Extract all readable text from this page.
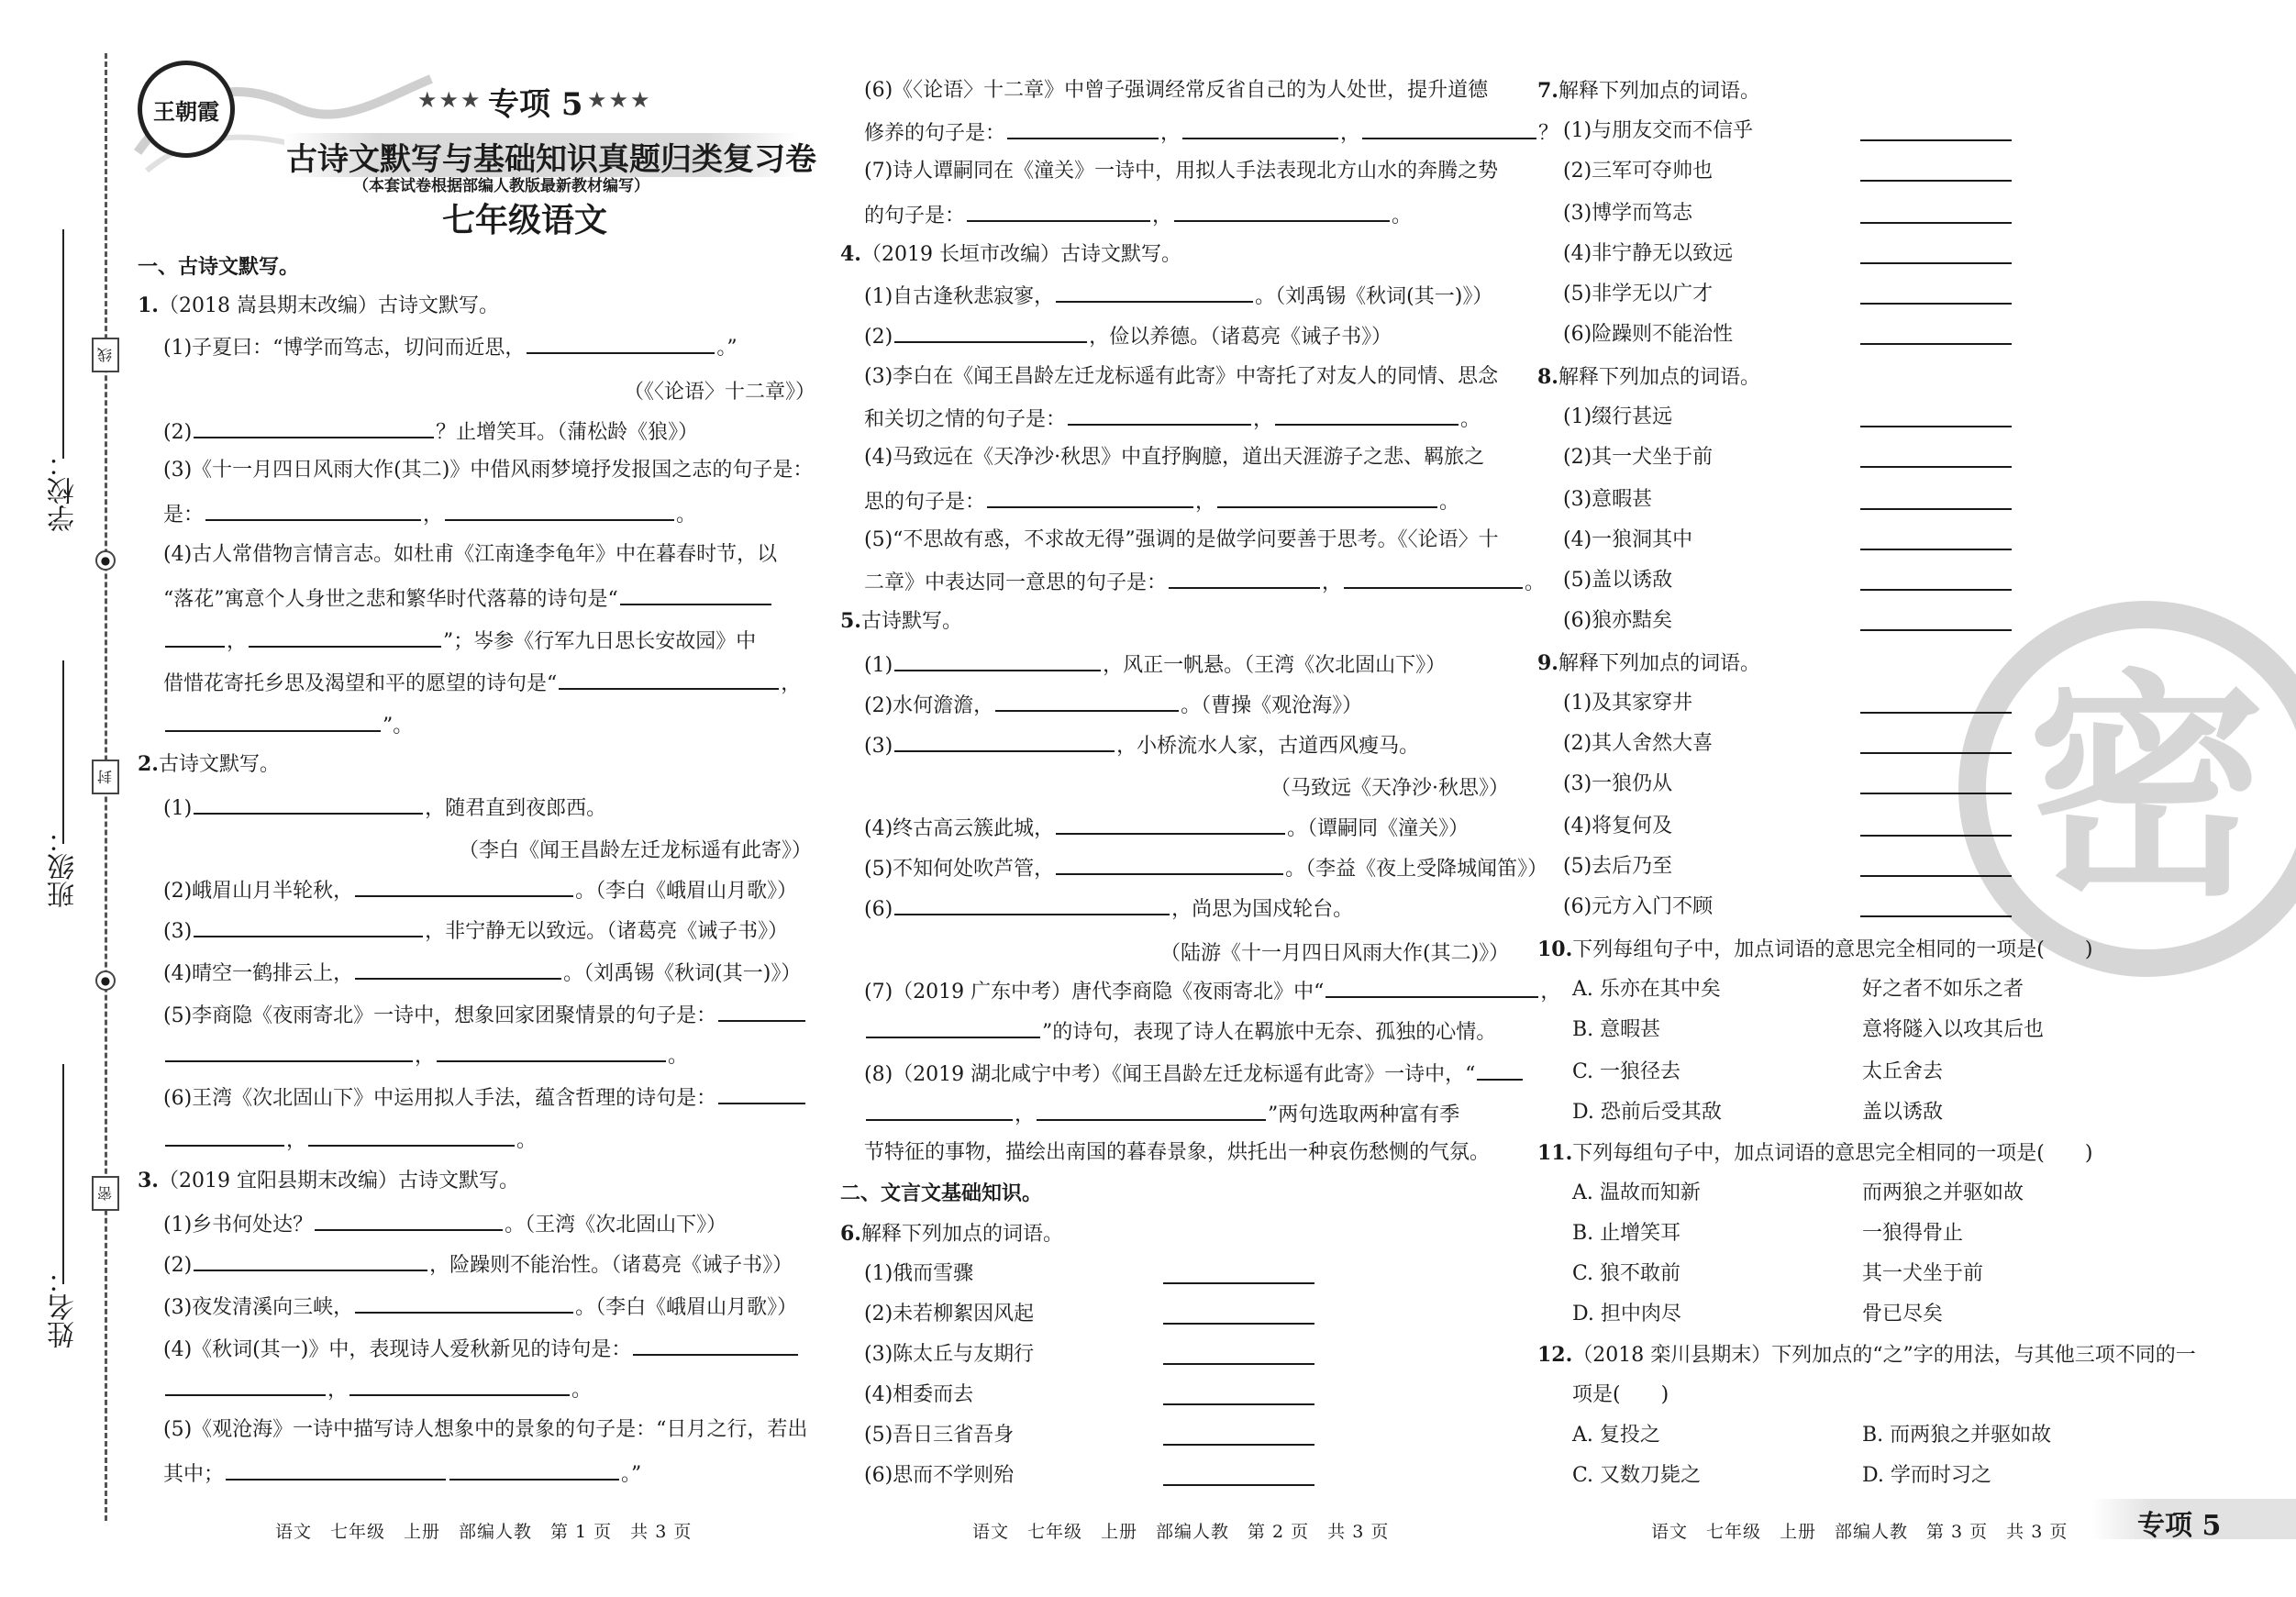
学校：
班级：
姓名：
线
封
密
●
●
王朝霞	★★★ 专项 5 ★★★
古诗文默写与基础知识真题归类复习卷
（本套试卷根据部编人教版最新教材编写）
七年级语文
一、古诗文默写。
1.（2018 嵩县期末改编）古诗文默写。
(1)子夏曰：“博学而笃志，切问而近思，	。”
（《〈论语〉十二章》）
(2)	？止增笑耳。（蒲松龄《狼》）
(3)《十一月四日风雨大作(其二)》中借风雨梦境抒发报国之志的句子是：
是：	，	。
(4)古人常借物言情言志。如杜甫《江南逢李龟年》中在暮春时节，以
“落花”寓意个人身世之悲和繁华时代落幕的诗句是“
，	”；岑参《行军九日思长安故园》中
借惜花寄托乡思及渴望和平的愿望的诗句是“	，
”。
2.古诗文默写。
(1)	，随君直到夜郎西。
（李白《闻王昌龄左迁龙标遥有此寄》）
(2)峨眉山月半轮秋，	。（李白《峨眉山月歌》）
(3)	，非宁静无以致远。（诸葛亮《诫子书》）
(4)晴空一鹤排云上，	。（刘禹锡《秋词(其一)》）
(5)李商隐《夜雨寄北》一诗中，想象回家团聚情景的句子是：
，	。
(6)王湾《次北固山下》中运用拟人手法，蕴含哲理的诗句是：
，	。
3.（2019 宜阳县期末改编）古诗文默写。
(1)乡书何处达？	。（王湾《次北固山下》）
(2)	，险躁则不能治性。（诸葛亮《诫子书》）
(3)夜发清溪向三峡，	。（李白《峨眉山月歌》）
(4)《秋词(其一)》中，表现诗人爱秋新见的诗句是：
，	。
(5)《观沧海》一诗中描写诗人想象中的景象的句子是：“日月之行，若出
其中；	。”
(6)《〈论语〉十二章》中曾子强调经常反省自己的为人处世，提升道德
修养的句子是：	，	，	？
(7)诗人谭嗣同在《潼关》一诗中，用拟人手法表现北方山水的奔腾之势
的句子是：	，	。
4.（2019 长垣市改编）古诗文默写。
(1)自古逢秋悲寂寥，	。（刘禹锡《秋词(其一)》）
(2)	，俭以养德。（诸葛亮《诫子书》）
(3)李白在《闻王昌龄左迁龙标遥有此寄》中寄托了对友人的同情、思念
和关切之情的句子是：	，	。
(4)马致远在《天净沙·秋思》中直抒胸臆，道出天涯游子之悲、羁旅之
思的句子是：	，	。
(5)“不思故有惑，不求故无得”强调的是做学问要善于思考。《〈论语〉十
二章》中表达同一意思的句子是：	，	。
5.古诗默写。
(1)	，风正一帆悬。（王湾《次北固山下》）
(2)水何澹澹，	。（曹操《观沧海》）
(3)	，小桥流水人家，古道西风瘦马。
（马致远《天净沙·秋思》）
(4)终古高云簇此城，	。（谭嗣同《潼关》）
(5)不知何处吹芦管，	。（李益《夜上受降城闻笛》）
(6)	，尚思为国戍轮台。
（陆游《十一月四日风雨大作(其二)》）
(7)（2019 广东中考）唐代李商隐《夜雨寄北》中“	，
”的诗句，表现了诗人在羁旅中无奈、孤独的心情。
(8)（2019 湖北咸宁中考）《闻王昌龄左迁龙标遥有此寄》一诗中，“
，	”两句选取两种富有季
节特征的事物，描绘出南国的暮春景象，烘托出一种哀伤愁恻的气氛。
二、文言文基础知识。
6.解释下列加点的词语。
(1)俄而雪骤
(2)未若柳絮因风起
(3)陈太丘与友期行
(4)相委而去
(5)吾日三省吾身
(6)思而不学则殆
密
7.解释下列加点的词语。
(1)与朋友交而不信乎
(2)三军可夺帅也
(3)博学而笃志
(4)非宁静无以致远
(5)非学无以广才
(6)险躁则不能治性
8.解释下列加点的词语。
(1)缀行甚远
(2)其一犬坐于前
(3)意暇甚
(4)一狼洞其中
(5)盖以诱敌
(6)狼亦黠矣
9.解释下列加点的词语。
(1)及其家穿井
(2)其人舍然大喜
(3)一狼仍从
(4)将复何及
(5)去后乃至
(6)元方入门不顾
10.下列每组句子中，加点词语的意思完全相同的一项是(　　)
A. 乐亦在其中矣	好之者不如乐之者
B. 意暇甚	意将隧入以攻其后也
C. 一狼径去	太丘舍去
D. 恐前后受其敌	盖以诱敌
11.下列每组句子中，加点词语的意思完全相同的一项是(　　)
A. 温故而知新	而两狼之并驱如故
B. 止增笑耳	一狼得骨止
C. 狼不敢前	其一犬坐于前
D. 担中肉尽	骨已尽矣
12.（2018 栾川县期末）下列加点的“之”字的用法，与其他三项不同的一
项是(　　)
A. 复投之	B. 而两狼之并驱如故
C. 又数刀毙之	D. 学而时习之
语文　七年级　上册　部编人教　第 1 页　共 3 页	语文　七年级　上册　部编人教　第 2 页　共 3 页	语文　七年级　上册　部编人教　第 3 页　共 3 页	专项 5
